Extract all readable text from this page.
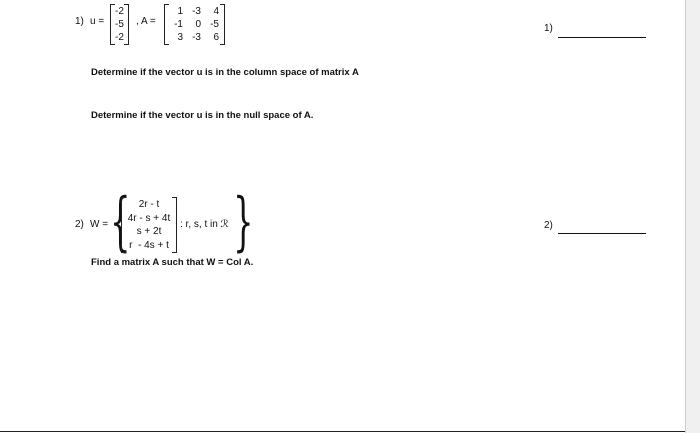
1) u =
-2
-5
-2
, A =
1 -3 4
-1 0 -5
3 -3 6
Determine if the vector u is in the column space of matrix A
Determine if the vector u is in the null space of A.
1)
2) W = { 2r - t
4r - s + 4t
s + 2t
r  - 4s + t
: r, s, t in ℛ }
Find a matrix A such that W = Col A.
2)
